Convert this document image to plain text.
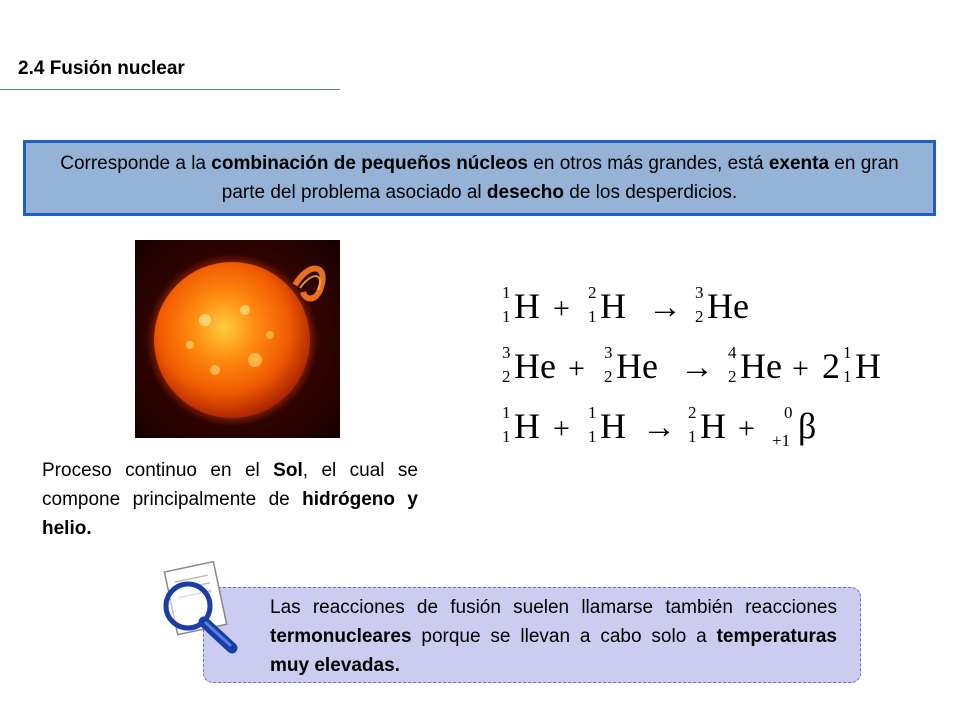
2.4 Fusión nuclear
Corresponde a la combinación de pequeños núcleos en otros más grandes, está exenta en gran parte del problema asociado al desecho de los desperdicios.
1
1 H + 2
1 H → 3
2 He
3
2 He + 3
2 He → 4
2 He + 2 1
1 H
1
1 H + 1
1 H → 2
1 H + 0
+1 β
Proceso continuo en el Sol, el cual se compone principalmente de hidrógeno y helio.
Las reacciones de fusión suelen llamarse también reacciones termonucleares porque se llevan a cabo solo a temperaturas muy elevadas.
